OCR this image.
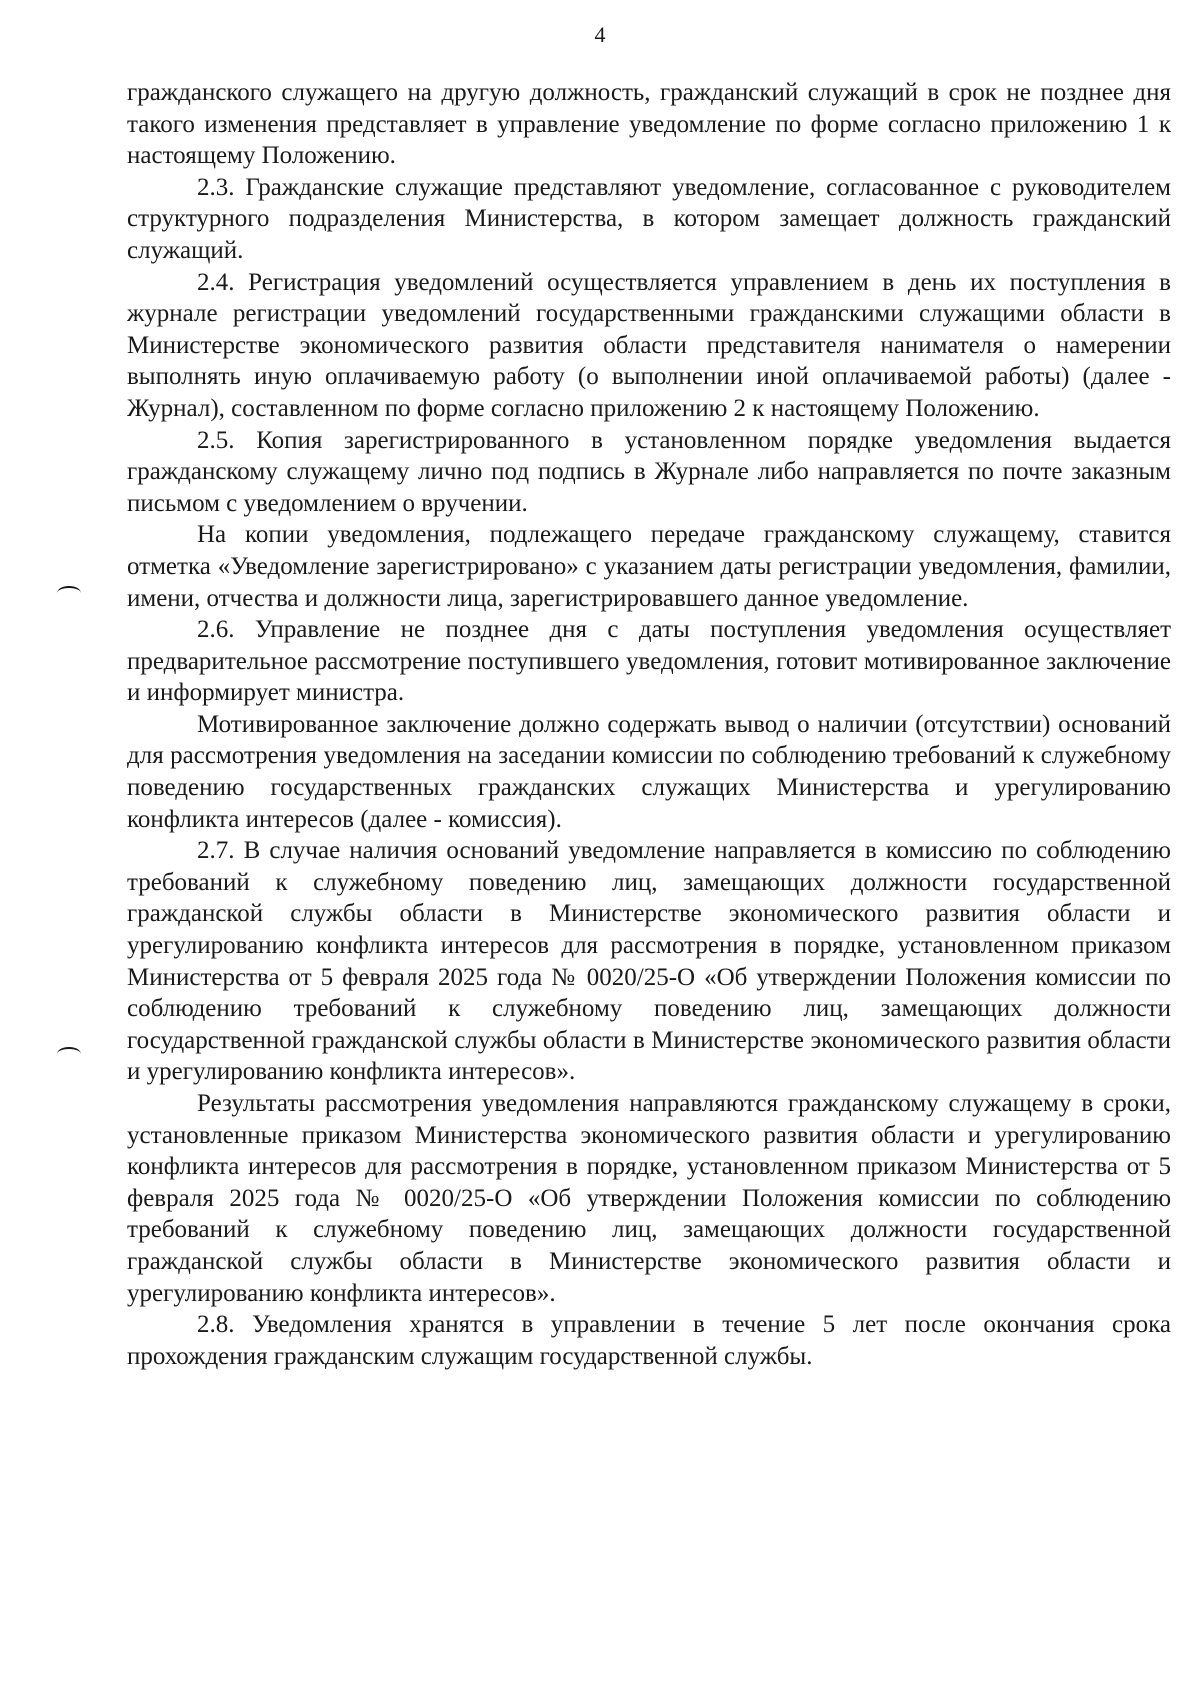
4

гражданского служащего на другую должность, гражданский служащий в срок не позднее дня такого изменения представляет в управление уведомление по форме согласно приложению 1 к настоящему Положению.

2.3. Гражданские служащие представляют уведомление, согласованное с руководителем структурного подразделения Министерства, в котором замещает должность гражданский служащий.

2.4. Регистрация уведомлений осуществляется управлением в день их поступления в журнале регистрации уведомлений государственными гражданскими служащими области в Министерстве экономического развития области представителя нанимателя о намерении выполнять иную оплачиваемую работу (о выполнении иной оплачиваемой работы) (далее - Журнал), составленном по форме согласно приложению 2 к настоящему Положению.

2.5. Копия зарегистрированного в установленном порядке уведомления выдается гражданскому служащему лично под подпись в Журнале либо направляется по почте заказным письмом с уведомлением о вручении.

На копии уведомления, подлежащего передаче гражданскому служащему, ставится отметка «Уведомление зарегистрировано» с указанием даты регистрации уведомления, фамилии, имени, отчества и должности лица, зарегистрировавшего данное уведомление.

2.6. Управление не позднее дня с даты поступления уведомления осуществляет предварительное рассмотрение поступившего уведомления, готовит мотивированное заключение и информирует министра.

Мотивированное заключение должно содержать вывод о наличии (отсутствии) оснований для рассмотрения уведомления на заседании комиссии по соблюдению требований к служебному поведению государственных гражданских служащих Министерства и урегулированию конфликта интересов (далее - комиссия).

2.7. В случае наличия оснований уведомление направляется в комиссию по соблюдению требований к служебному поведению лиц, замещающих должности государственной гражданской службы области в Министерстве экономического развития области и урегулированию конфликта интересов для рассмотрения в порядке, установленном приказом Министерства от 5 февраля 2025 года № 0020/25-О «Об утверждении Положения комиссии по соблюдению требований к служебному поведению лиц, замещающих должности государственной гражданской службы области в Министерстве экономического развития области и урегулированию конфликта интересов».

Результаты рассмотрения уведомления направляются гражданскому служащему в сроки, установленные приказом Министерства экономического развития области и урегулированию конфликта интересов для рассмотрения в порядке, установленном приказом Министерства от 5 февраля 2025 года № 0020/25-О «Об утверждении Положения комиссии по соблюдению требований к служебному поведению лиц, замещающих должности государственной гражданской службы области в Министерстве экономического развития области и урегулированию конфликта интересов».

2.8. Уведомления хранятся в управлении в течение 5 лет после окончания срока прохождения гражданским служащим государственной службы.
